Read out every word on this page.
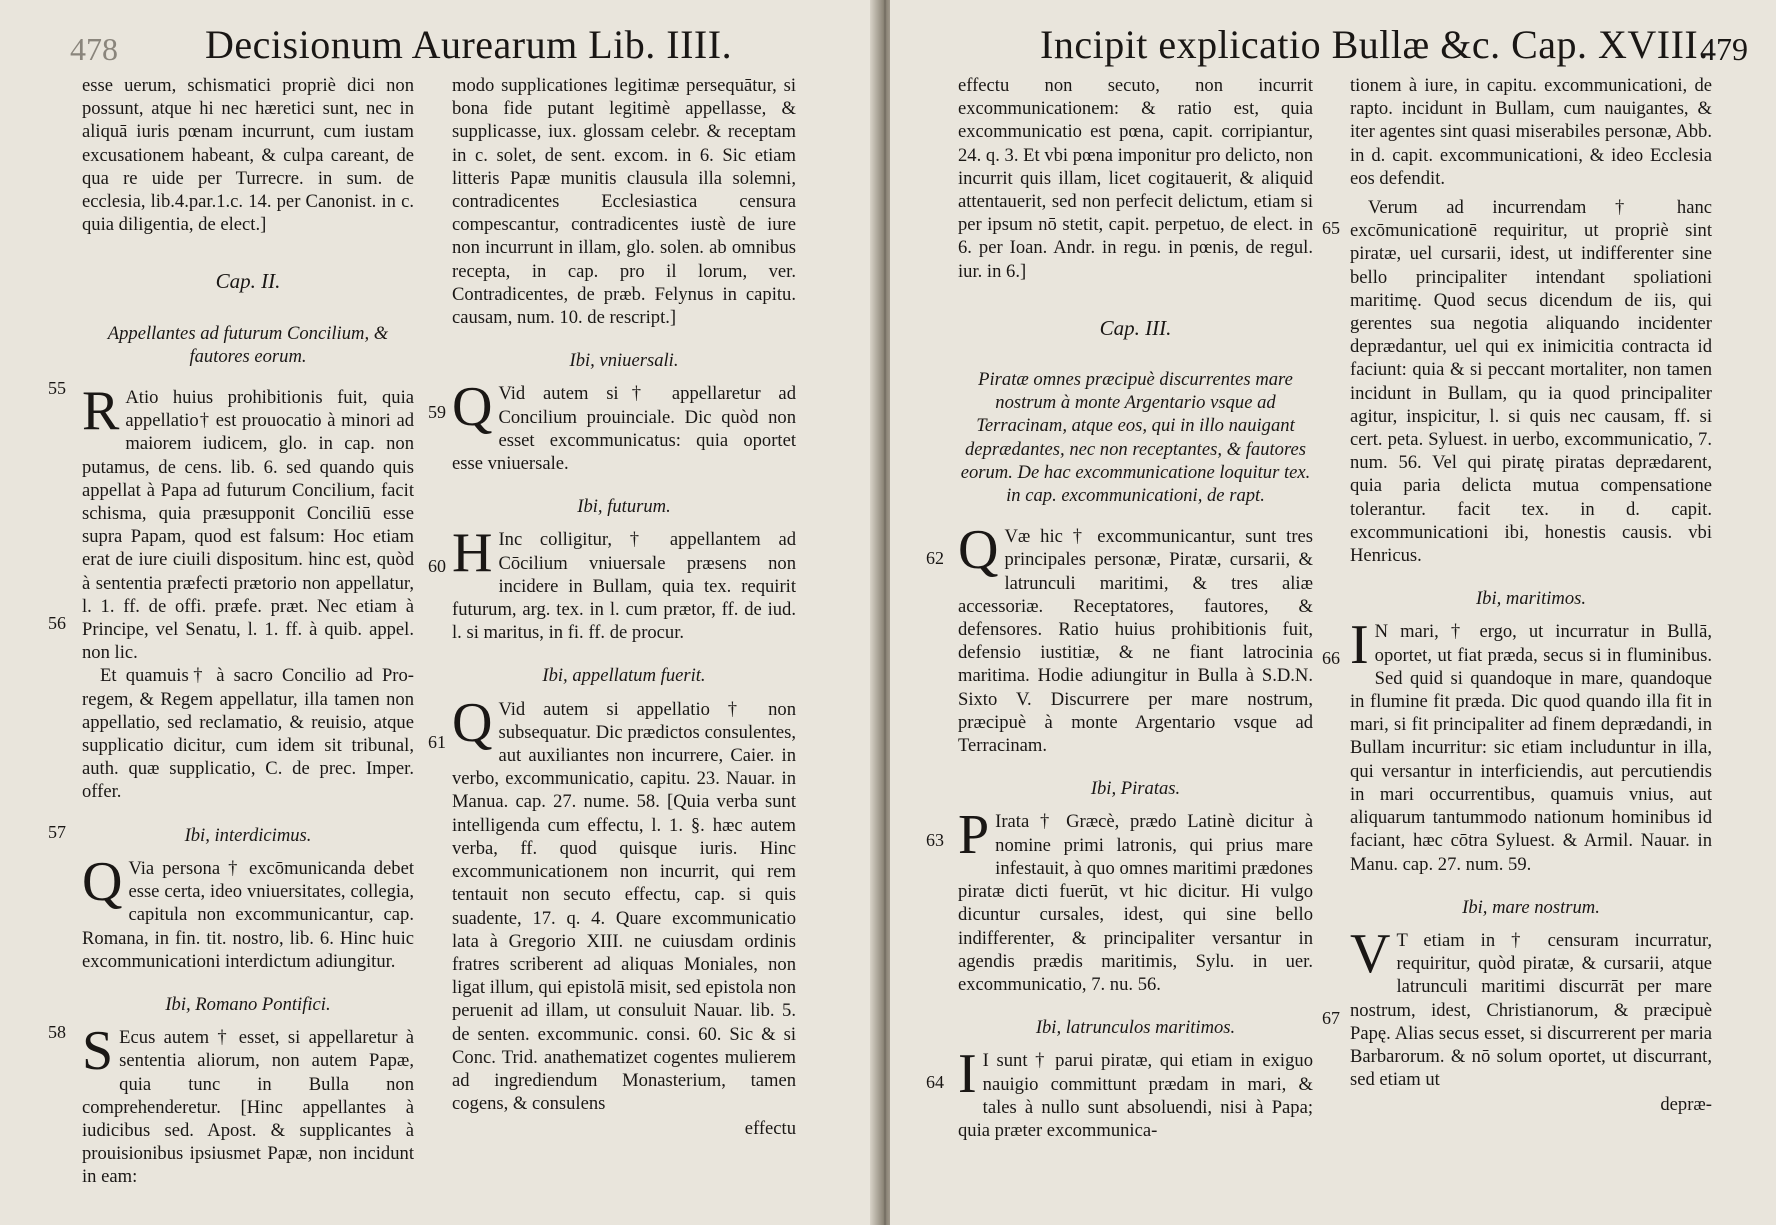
478 Decisionum Aurearum Lib. IIII.

esse uerum, schismatici propriè dici non possunt, atque hi nec hæretici sunt, nec in aliquā iuris pœnam incurrunt, cum iustam excusationem habeant, & culpa careant, de qua re uide per Turrecre. in sum. de ecclesia, lib.4.par.1.c. 14. per Canonist. in c. quia diligentia, de elect.]

Cap. II.
Appellantes ad futurum Concilium, & fautores eorum.

R Atio huius prohibitionis fuit, quia appellatio† est prouocatio à minori ad maiorem iudicem, glo. in cap. non putamus, de cens. lib. 6. sed quando quis appellat à Papa ad futurum Concilium, facit schisma, quia præsupponit Conciliū esse supra Papam, quod est falsum: Hoc etiam erat de iure ciuili dispositum. hinc est, quòd à sententia præfecti prætorio non appellatur, l. 1. ff. de offi. præfe. præt. Nec etiam à Principe, vel Senatu, l. 1. ff. à quib. appel. non lic.

Et quamuis† à sacro Concilio ad Pro-regem, & Regem appellatur, illa tamen non appellatio, sed reclamatio, & reuisio, atque supplicatio dicitur, cum idem sit tribunal, auth. quæ supplicatio, C. de prec. Imper. offer.

Ibi, interdicimus.

Q Via persona † excōmunicanda debet esse certa, ideo vniuersitates, collegia, capitula non excommunicantur, cap. Romana, in fin. tit. nostro, lib. 6. Hinc huic excommunicationi interdictum adiungitur.

Ibi, Romano Pontifici.

S Ecus autem † esset, si appellaretur à sententia aliorum, non autem Papæ, quia tunc in Bulla non comprehenderetur. [Hinc appellantes à iudicibus sed. Apost. & supplicantes à prouisionibus ipsiusmet Papæ, non incidunt in eam:

55
56
57
58

modo supplicationes legitimæ persequātur, si bona fide putant legitimè appellasse, & supplicasse, iux. glossam celebr. & receptam in c. solet, de sent. excom. in 6. Sic etiam litteris Papæ munitis clausula illa solemni, contradicentes Ecclesiastica censura compescantur, contradicentes iustè de iure non incurrunt in illam, glo. solen. ab omnibus recepta, in cap. pro il lorum, ver. Contradicentes, de præb. Felynus in capitu. causam, num. 10. de rescript.]

Ibi, vniuersali.

Q Vid autem si† appellaretur ad Concilium prouinciale. Dic quòd non esset excommunicatus: quia oportet esse vniuersale.

Ibi, futurum.

H Inc colligitur, † appellantem ad Cōcilium vniuersale præsens non incidere in Bullam, quia tex. requirit futurum, arg. tex. in l. cum prætor, ff. de iud. l. si maritus, in fi. ff. de procur.

Ibi, appellatum fuerit.

Q Vid autem si appellatio † non subsequatur. Dic prædictos consulentes, aut auxiliantes non incurrere, Caier. in verbo, excommunicatio, capitu. 23. Nauar. in Manua. cap. 27. nume. 58. [Quia verba sunt intelligenda cum effectu, l. 1. §. hæc autem verba, ff. quod quisque iuris. Hinc excommunicationem non incurrit, qui rem tentauit non secuto effectu, cap. si quis suadente, 17. q. 4. Quare excommunicatio lata à Gregorio XIII. ne cuiusdam ordinis fratres scriberent ad aliquas Moniales, non ligat illum, qui epistolā misit, sed epistola non peruenit ad illam, ut consuluit Nauar. lib. 5. de senten. excommunic. consi. 60. Sic & si Conc. Trid. anathematizet cogentes mulierem ad ingrediendum Monasterium, tamen cogens, & consulens

effectu

59
60
61
Incipit explicatio Bullæ &c. Cap. XVIII.
479

effectu non secuto, non incurrit excommunicationem: & ratio est, quia excommunicatio est pœna, capit. corripiantur, 24. q. 3. Et vbi pœna imponitur pro delicto, non incurrit quis illam, licet cogitauerit, & aliquid attentauerit, sed non perfecit delictum, etiam si per ipsum nō stetit, capit. perpetuo, de elect. in 6. per Ioan. Andr. in regu. in pœnis, de regul. iur. in 6.]

Cap. III.
Piratæ omnes præcipuè discurrentes mare nostrum à monte Argentario vsque ad Terracinam, atque eos, qui in illo nauigant deprædantes, nec non receptantes, & fautores eorum. De hac excommunicatione loquitur tex. in cap. excommunicationi, de rapt.

Q Væ hic † excommunicantur, sunt tres principales personæ, Piratæ, cursarii, & latrunculi maritimi, & tres aliæ accessoriæ. Receptatores, fautores, & defensores. Ratio huius prohibitionis fuit, defensio iustitiæ, & ne fiant latrocinia maritima. Hodie adiungitur in Bulla à S.D.N. Sixto V. Discurrere per mare nostrum, præcipuè à monte Argentario vsque ad Terracinam.

Ibi, Piratas.

P Irata † Græcè, prædo Latinè dicitur à nomine primi latronis, qui prius mare infestauit, à quo omnes maritimi prædones piratæ dicti fuerūt, vt hic dicitur. Hi vulgo dicuntur cursales, idest, qui sine bello indifferenter, & principaliter versantur in agendis prædis maritimis, Sylu. in uer. excommunicatio, 7. nu. 56.

Ibi, latrunculos maritimos.

I I sunt † parui piratæ, qui etiam in exiguo nauigio committunt prædam in mari, & tales à nullo sunt absoluendi, nisi à Papa; quia præter excommunica-

62
63
64

tionem à iure, in capitu. excommunicationi, de rapto. incidunt in Bullam, cum nauigantes, & iter agentes sint quasi miserabiles personæ, Abb. in d. capit. excommunicationi, & ideo Ecclesia eos defendit.

Verum ad incurrendam † hanc excōmunicationē requiritur, ut propriè sint piratæ, uel cursarii, idest, ut indifferenter sine bello principaliter intendant spoliationi maritimę. Quod secus dicendum de iis, qui gerentes sua negotia aliquando incidenter deprædantur, uel qui ex inimicitia contracta id faciunt: quia & si peccant mortaliter, non tamen incidunt in Bullam, qu ia quod principaliter agitur, inspicitur, l. si quis nec causam, ff. si cert. peta. Syluest. in uerbo, excommunicatio, 7. num. 56. Vel qui piratę piratas deprædarent, quia paria delicta mutua compensatione tolerantur. facit tex. in d. capit. excommunicationi ibi, honestis causis. vbi Henricus.

Ibi, maritimos.

I N mari, † ergo, ut incurratur in Bullā, oportet, ut fiat præda, secus si in fluminibus. Sed quid si quandoque in mare, quandoque in flumine fit præda. Dic quod quando illa fit in mari, si fit principaliter ad finem deprædandi, in Bullam incurritur: sic etiam includuntur in illa, qui versantur in interficiendis, aut percutiendis in mari occurrentibus, quamuis vnius, aut aliquarum tantummodo nationum hominibus id faciant, hæc cōtra Syluest. & Armil. Nauar. in Manu. cap. 27. num. 59.

Ibi, mare nostrum.

V T etiam in † censuram incurratur, requiritur, quòd piratæ, & cursarii, atque latrunculi maritimi discurrāt per mare nostrum, idest, Christianorum, & præcipuè Papę. Alias secus esset, si discurrerent per maria Barbarorum. & nō solum oportet, ut discurrant, sed etiam ut

depræ-

65
66
67
